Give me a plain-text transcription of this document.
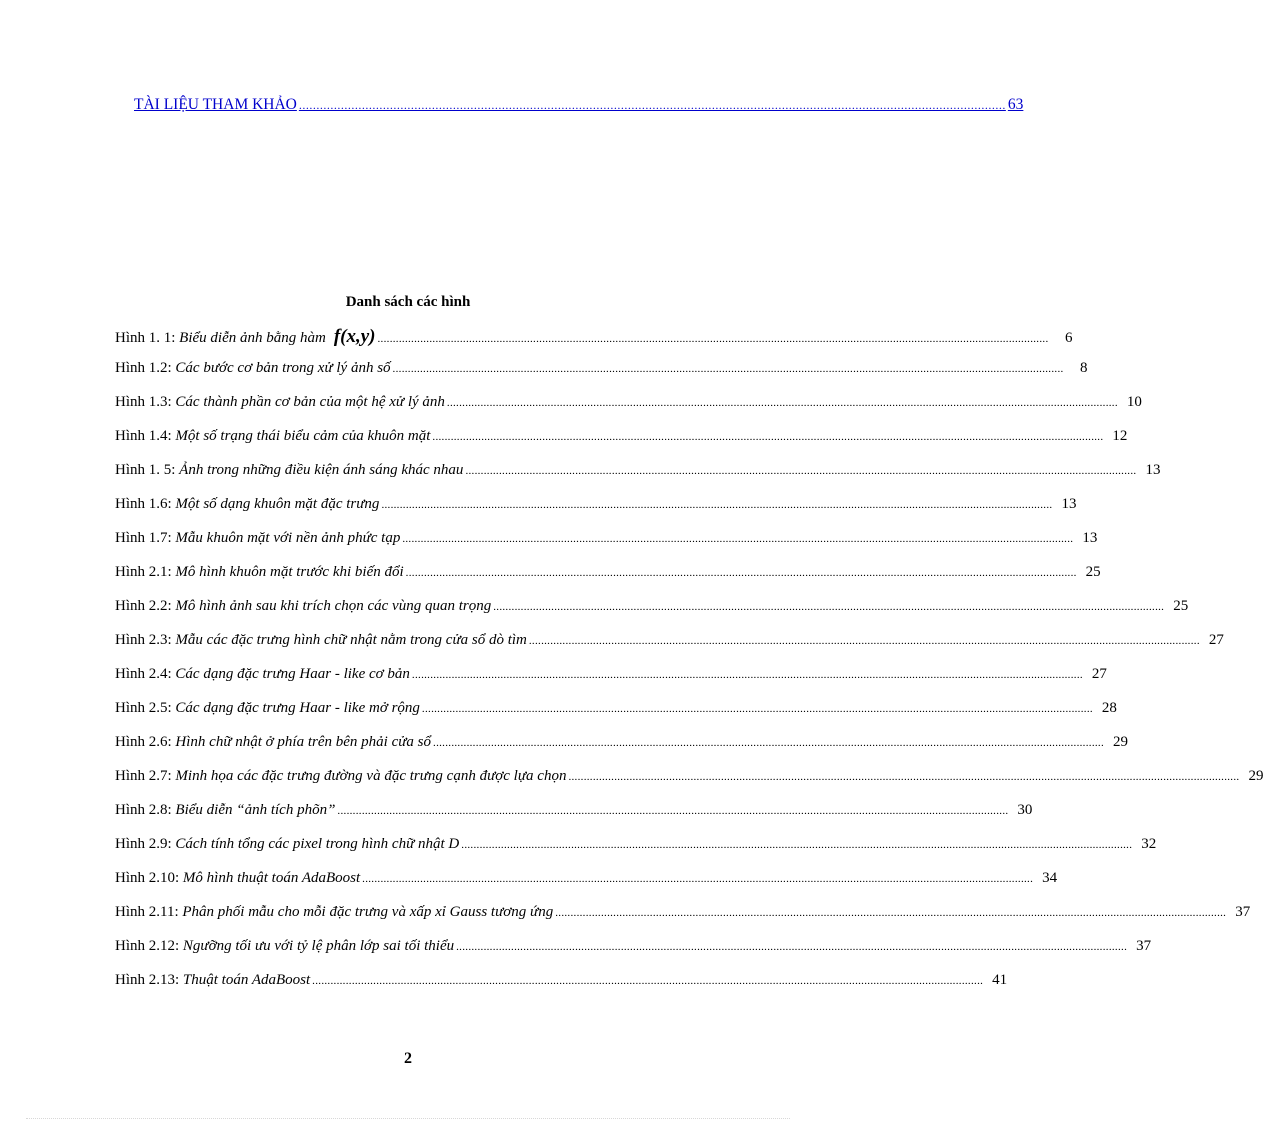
TÀI LIỆU THAM KHẢO .......................................................................................................................................................................................................... 63
Danh sách các hình
Hình 1. 1:
Biểu diễn ảnh bằng hàm f(x,y) ............................................................................................................................................................................................................................	6
Hình 1.2:
Các bước cơ bản trong xử lý ảnh số ............................................................................................................................................................................................................................	8
Hình 1.3:
Các thành phần cơ bản của một hệ xử lý ảnh ............................................................................................................................................................................................................................ 10
Hình 1.4:
Một số trạng thái biểu cảm của khuôn mặt ............................................................................................................................................................................................................................ 12
Hình 1. 5:
Ảnh trong những điều kiện ánh sáng khác nhau ............................................................................................................................................................................................................................ 13
Hình 1.6:
Một số dạng khuôn mặt đặc trưng ............................................................................................................................................................................................................................ 13
Hình 1.7:
Mẫu khuôn mặt với nền ảnh phức tạp ............................................................................................................................................................................................................................ 13
Hình 2.1:
Mô hình khuôn mặt trước khi biến đổi ............................................................................................................................................................................................................................ 25
Hình 2.2:
Mô hình ảnh sau khi trích chọn các vùng quan trọng ............................................................................................................................................................................................................................ 25
Hình 2.3:
Mẫu các đặc trưng hình chữ nhật nằm trong cửa sổ dò tìm ............................................................................................................................................................................................................................ 27
Hình 2.4:
Các dạng đặc trưng Haar - like cơ bản ............................................................................................................................................................................................................................ 27
Hình 2.5:
Các dạng đặc trưng Haar - like mở rộng ............................................................................................................................................................................................................................ 28
Hình 2.6:
Hình chữ nhật ở phía trên bên phải cửa sổ ............................................................................................................................................................................................................................ 29
Hình 2.7:
Minh họa các đặc trưng đường và đặc trưng cạnh được lựa chọn ............................................................................................................................................................................................................................ 29
Hình 2.8:
Biểu diễn “ảnh tích phõn” ............................................................................................................................................................................................................................ 30
Hình 2.9:
Cách tính tổng các pixel trong hình chữ nhật D ............................................................................................................................................................................................................................ 32
Hình 2.10:
Mô hình thuật toán AdaBoost ............................................................................................................................................................................................................................ 34
Hình 2.11:
Phân phối mẫu cho mỗi đặc trưng và xấp xỉ Gauss tương ứng ............................................................................................................................................................................................................................ 37
Hình 2.12:
Ngưỡng tối ưu với tỷ lệ phân lớp sai tối thiểu ............................................................................................................................................................................................................................ 37
Hình 2.13:
Thuật toán AdaBoost ............................................................................................................................................................................................................................ 41
2
